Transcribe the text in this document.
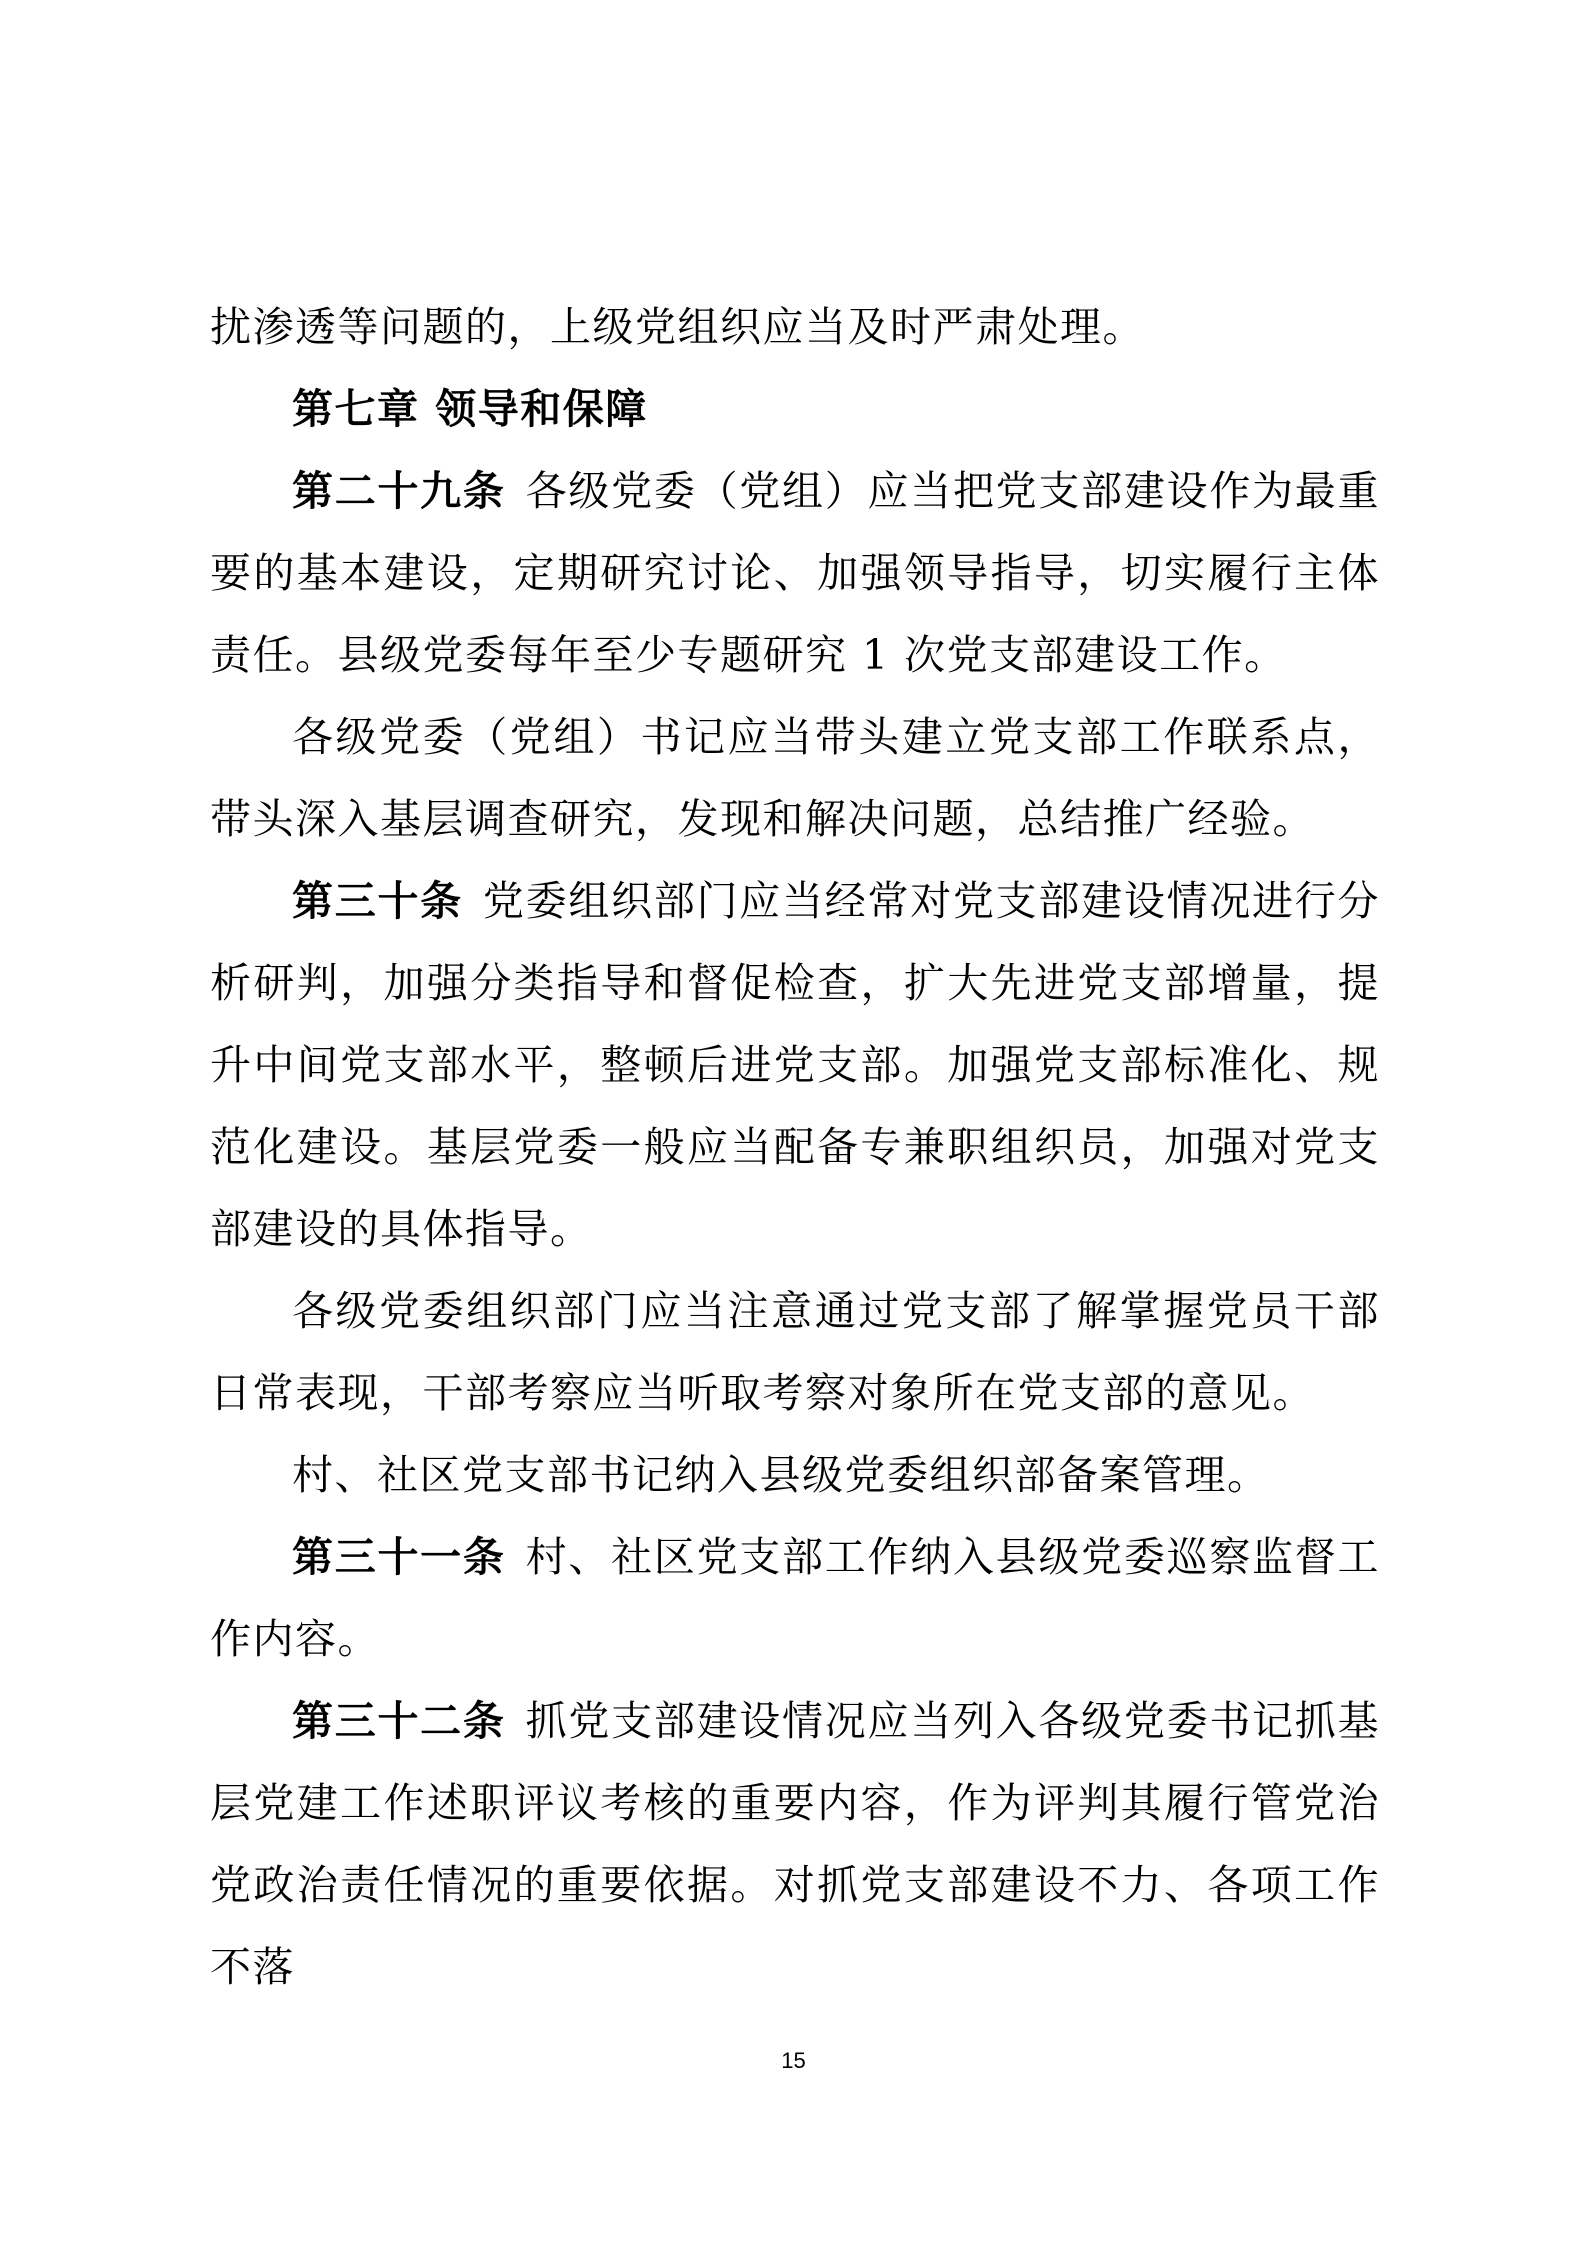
扰渗透等问题的，上级党组织应当及时严肃处理。

第七章 领导和保障

第二十九条 各级党委（党组）应当把党支部建设作为最重要的基本建设，定期研究讨论、加强领导指导，切实履行主体责任。县级党委每年至少专题研究 1 次党支部建设工作。

各级党委（党组）书记应当带头建立党支部工作联系点，带头深入基层调查研究，发现和解决问题，总结推广经验。

第三十条 党委组织部门应当经常对党支部建设情况进行分析研判，加强分类指导和督促检查，扩大先进党支部增量，提升中间党支部水平，整顿后进党支部。加强党支部标准化、规范化建设。基层党委一般应当配备专兼职组织员，加强对党支部建设的具体指导。

各级党委组织部门应当注意通过党支部了解掌握党员干部日常表现，干部考察应当听取考察对象所在党支部的意见。

村、社区党支部书记纳入县级党委组织部备案管理。

第三十一条 村、社区党支部工作纳入县级党委巡察监督工作内容。

第三十二条 抓党支部建设情况应当列入各级党委书记抓基层党建工作述职评议考核的重要内容，作为评判其履行管党治党政治责任情况的重要依据。对抓党支部建设不力、各项工作不落

15
